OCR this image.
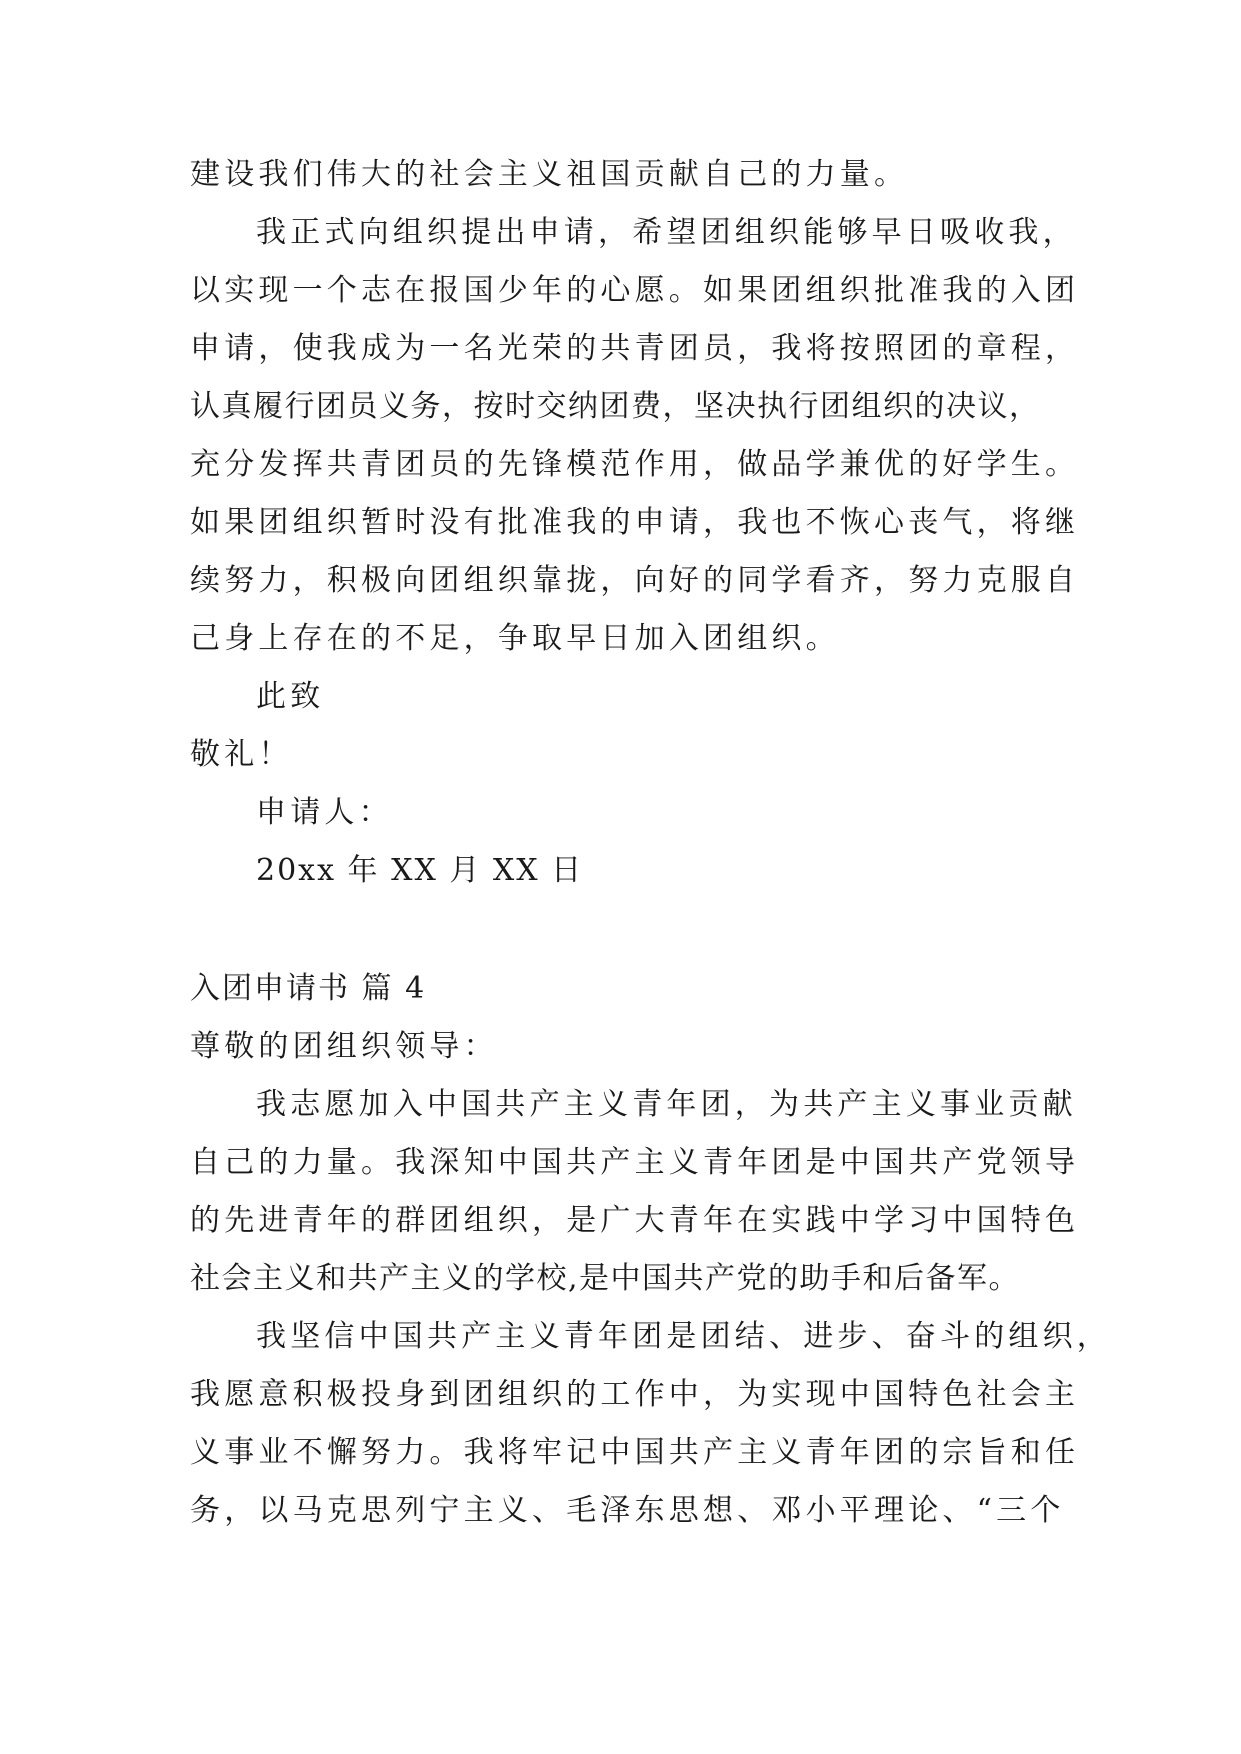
建设我们伟大的社会主义祖国贡献自己的力量。
我正式向组织提出申请，希望团组织能够早日吸收我，
以实现一个志在报国少年的心愿。如果团组织批准我的入团
申请，使我成为一名光荣的共青团员，我将按照团的章程，
认真履行团员义务，按时交纳团费，坚决执行团组织的决议，
充分发挥共青团员的先锋模范作用，做品学兼优的好学生。
如果团组织暂时没有批准我的申请，我也不恢心丧气，将继
续努力，积极向团组织靠拢，向好的同学看齐，努力克服自
己身上存在的不足，争取早日加入团组织。
此致
敬礼！
申请人：
20xx 年 XX 月 XX 日
入团申请书 篇 4
尊敬的团组织领导：
我志愿加入中国共产主义青年团，为共产主义事业贡献
自己的力量。我深知中国共产主义青年团是中国共产党领导
的先进青年的群团组织，是广大青年在实践中学习中国特色
社会主义和共产主义的学校,是中国共产党的助手和后备军。
我坚信中国共产主义青年团是团结、进步、奋斗的组织，
我愿意积极投身到团组织的工作中，为实现中国特色社会主
义事业不懈努力。我将牢记中国共产主义青年团的宗旨和任
务，以马克思列宁主义、毛泽东思想、邓小平理论、“三个
